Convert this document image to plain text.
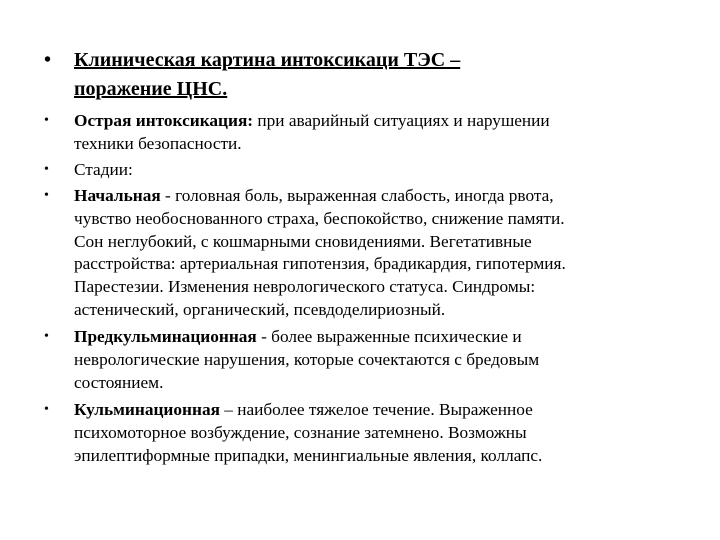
• Клиническая картина интоксикаци ТЭС –
поражение ЦНС.
• Острая интоксикация: при аварийный ситуациях и нарушении
техники безопасности.
• Стадии:
• Начальная - головная боль, выраженная слабость, иногда рвота,
чувство необоснованного страха, беспокойство, снижение памяти.
Сон неглубокий, с кошмарными сновидениями. Вегетативные
расстройства: артериальная гипотензия, брадикардия, гипотермия.
Парестезии. Изменения неврологического статуса. Синдромы:
астенический, органический, псевдоделириозный.
• Предкульминационная - более выраженные психические и
неврологические нарушения, которые сочектаются с бредовым
состоянием.
• Кульминационная – наиболее тяжелое течение. Выраженное
психомоторное возбуждение, сознание затемнено. Возможны
эпилептиформные припадки, менингиальные явления, коллапс.
